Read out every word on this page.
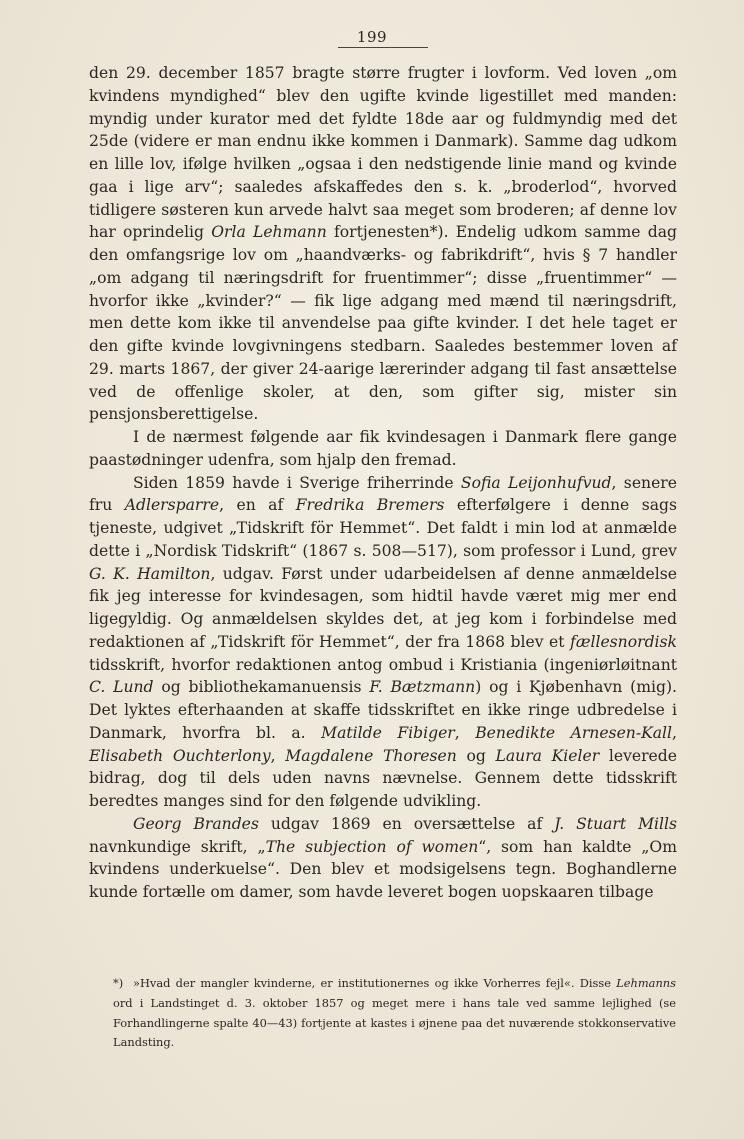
199

den 29. december 1857 bragte større frugter i lovform. Ved loven „om kvindens myndighed“ blev den ugifte kvinde ligestillet med manden: myndig under kurator med det fyldte 18de aar og fuldmyndig med det 25de (videre er man endnu ikke kommen i Danmark). Samme dag udkom en lille lov, ifølge hvilken „ogsaa i den nedstigende linie mand og kvinde gaa i lige arv“; saaledes afskaffedes den s. k. „broderlod“, hvorved tidligere søsteren kun arvede halvt saa meget som broderen; af denne lov har oprindelig Orla Lehmann fortjenesten*). Endelig udkom samme dag den omfangsrige lov om „haandværks- og fabrikdrift“, hvis § 7 handler „om adgang til næringsdrift for fruentimmer“; disse „fruentimmer“ — hvorfor ikke „kvinder?“ — fik lige adgang med mænd til næringsdrift, men dette kom ikke til anvendelse paa gifte kvinder. I det hele taget er den gifte kvinde lovgivningens stedbarn. Saaledes bestemmer loven af 29. marts 1867, der giver 24-aarige lærerinder adgang til fast ansættelse ved de offenlige skoler, at den, som gifter sig, mister sin pensjonsberettigelse.

I de nærmest følgende aar fik kvindesagen i Danmark flere gange paastødninger udenfra, som hjalp den fremad.

Siden 1859 havde i Sverige friherrinde Sofia Leijonhufvud, senere fru Adlersparre, en af Fredrika Bremers efterfølgere i denne sags tjeneste, udgivet „Tidskrift för Hemmet“. Det faldt i min lod at anmælde dette i „Nordisk Tidskrift“ (1867 s. 508—517), som professor i Lund, grev G. K. Hamilton, udgav. Først under udarbeidelsen af denne anmældelse fik jeg interesse for kvindesagen, som hidtil havde været mig mer end ligegyldig. Og anmældelsen skyldes det, at jeg kom i forbindelse med redaktionen af „Tidskrift för Hemmet“, der fra 1868 blev et fællesnordisk tidsskrift, hvorfor redaktionen antog ombud i Kristiania (ingeniørløitnant C. Lund og bibliothekamanuensis F. Bætzmann) og i Kjøbenhavn (mig). Det lyktes efterhaanden at skaffe tidsskriftet en ikke ringe udbredelse i Danmark, hvorfra bl. a. Matilde Fibiger, Benedikte Arnesen-Kall, Elisabeth Ouchterlony, Magdalene Thoresen og Laura Kieler leverede bidrag, dog til dels uden navns nævnelse. Gennem dette tidsskrift beredtes manges sind for den følgende udvikling.

Georg Brandes udgav 1869 en oversættelse af J. Stuart Mills navnkundige skrift, „The subjection of women“, som han kaldte „Om kvindens underkuelse“. Den blev et modsigelsens tegn. Boghandlerne kunde fortælle om damer, som havde leveret bogen uopskaaren tilbage

*) »Hvad der mangler kvinderne, er institutionernes og ikke Vorherres fejl«. Disse Lehmanns ord i Landstinget d. 3. oktober 1857 og meget mere i hans tale ved samme lejlighed (se Forhandlingerne spalte 40—43) fortjente at kastes i øjnene paa det nuværende stokkonservative Landsting.
